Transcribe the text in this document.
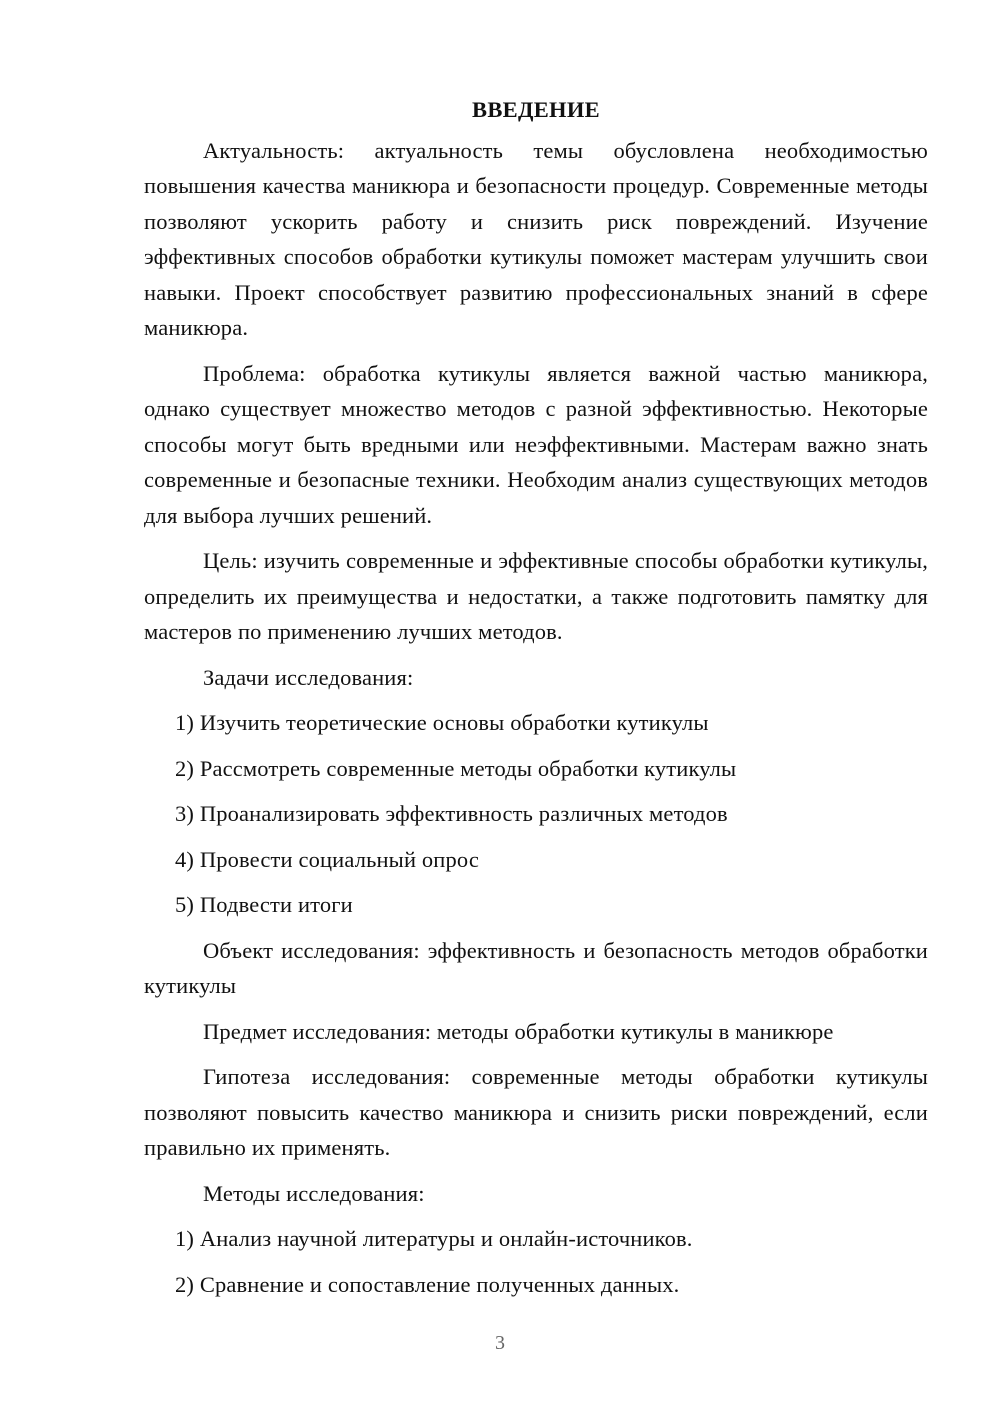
ВВЕДЕНИЕ
Актуальность: актуальность темы обусловлена необходимостью повышения качества маникюра и безопасности процедур. Современные методы позволяют ускорить работу и снизить риск повреждений. Изучение эффективных способов обработки кутикулы поможет мастерам улучшить свои навыки. Проект способствует развитию профессиональных знаний в сфере маникюра.
Проблема: обработка кутикулы является важной частью маникюра, однако существует множество методов с разной эффективностью. Некоторые способы могут быть вредными или неэффективными. Мастерам важно знать современные и безопасные техники. Необходим анализ существующих методов для выбора лучших решений.
Цель: изучить современные и эффективные способы обработки кутикулы, определить их преимущества и недостатки, а также подготовить памятку для мастеров по применению лучших методов.
Задачи исследования:
1) Изучить теоретические основы обработки кутикулы
2) Рассмотреть современные методы обработки кутикулы
3) Проанализировать эффективность различных методов
4) Провести социальный опрос
5) Подвести итоги
Объект исследования: эффективность и безопасность методов обработки кутикулы
Предмет исследования: методы обработки кутикулы в маникюре
Гипотеза исследования: современные методы обработки кутикулы позволяют повысить качество маникюра и снизить риски повреждений, если правильно их применять.
Методы исследования:
1) Анализ научной литературы и онлайн-источников.
2) Сравнение и сопоставление полученных данных.
3
